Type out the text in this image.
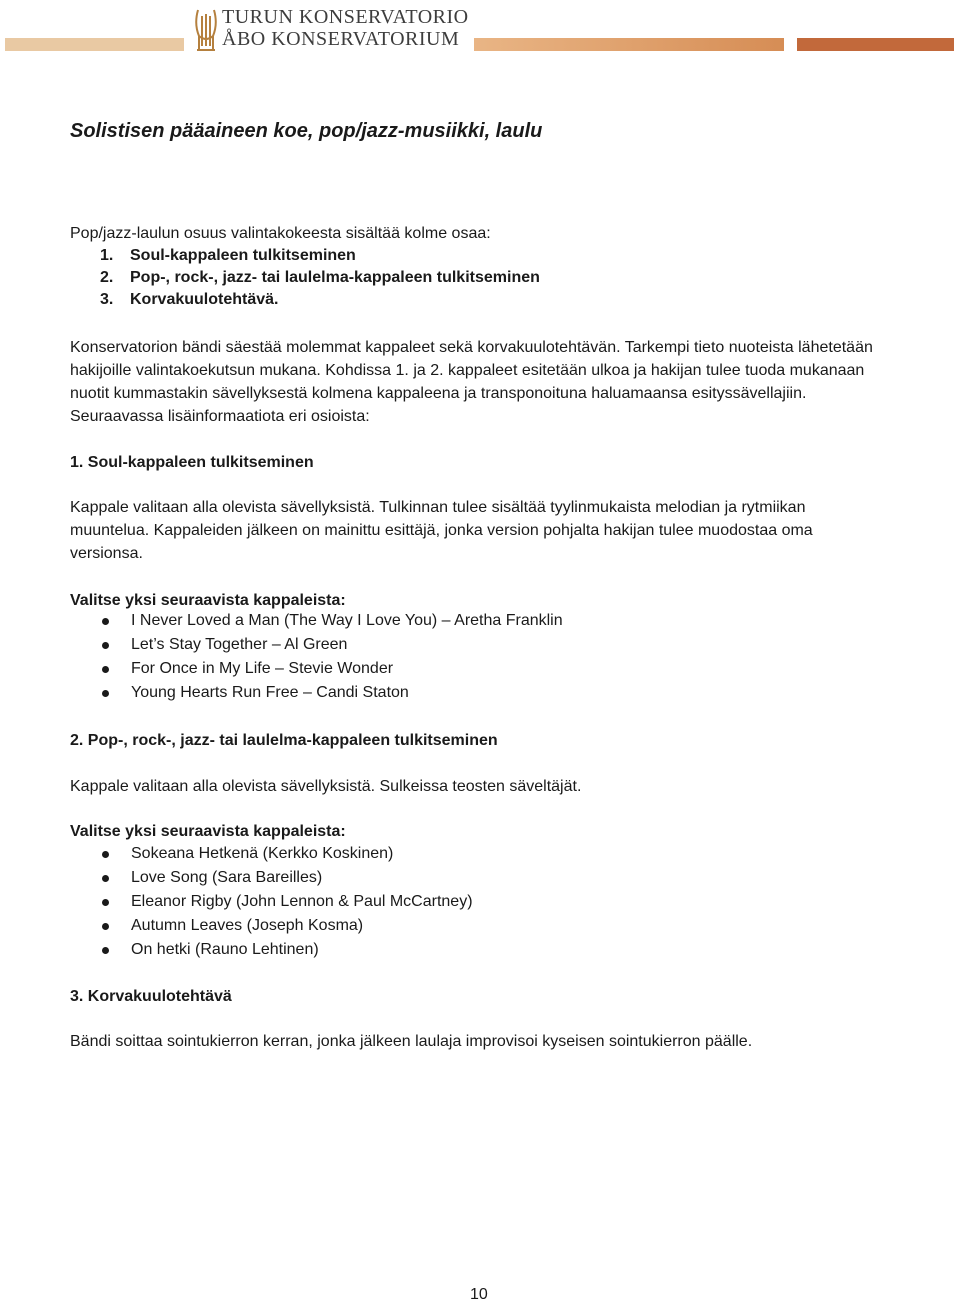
TURUN KONSERVATORIO
ÅBO KONSERVATORIUM
Solistisen pääaineen koe, pop/jazz-musiikki, laulu

Pop/jazz-laulun osuus valintakokeesta sisältää kolme osaa:

1. Soul-kappaleen tulkitseminen
2. Pop-, rock-, jazz- tai laulelma-kappaleen tulkitseminen
3. Korvakuulotehtävä.

Konservatorion bändi säestää molemmat kappaleet sekä korvakuulotehtävän. Tarkempi tieto nuoteista lähetetään hakijoille valintakoekutsun mukana. Kohdissa 1. ja 2. kappaleet esitetään ulkoa ja hakijan tulee tuoda mukanaan nuotit kummastakin sävellyksestä kolmena kappaleena ja transponoituna haluamaansa esityssävellajiin. Seuraavassa lisäinformaatiota eri osioista:

1. Soul-kappaleen tulkitseminen

Kappale valitaan alla olevista sävellyksistä. Tulkinnan tulee sisältää tyylinmukaista melodian ja rytmiikan muuntelua. Kappaleiden jälkeen on mainittu esittäjä, jonka version pohjalta hakijan tulee muodostaa oma versionsa.

Valitse yksi seuraavista kappaleista:

I Never Loved a Man (The Way I Love You) – Aretha Franklin
Let’s Stay Together – Al Green
For Once in My Life – Stevie Wonder
Young Hearts Run Free – Candi Staton

2. Pop-, rock-, jazz- tai laulelma-kappaleen tulkitseminen

Kappale valitaan alla olevista sävellyksistä. Sulkeissa teosten säveltäjät.

Valitse yksi seuraavista kappaleista:

Sokeana Hetkenä (Kerkko Koskinen)
Love Song (Sara Bareilles)
Eleanor Rigby (John Lennon & Paul McCartney)
Autumn Leaves (Joseph Kosma)
On hetki (Rauno Lehtinen)

3. Korvakuulotehtävä

Bändi soittaa sointukierron kerran, jonka jälkeen laulaja improvisoi kyseisen sointukierron päälle.

10
